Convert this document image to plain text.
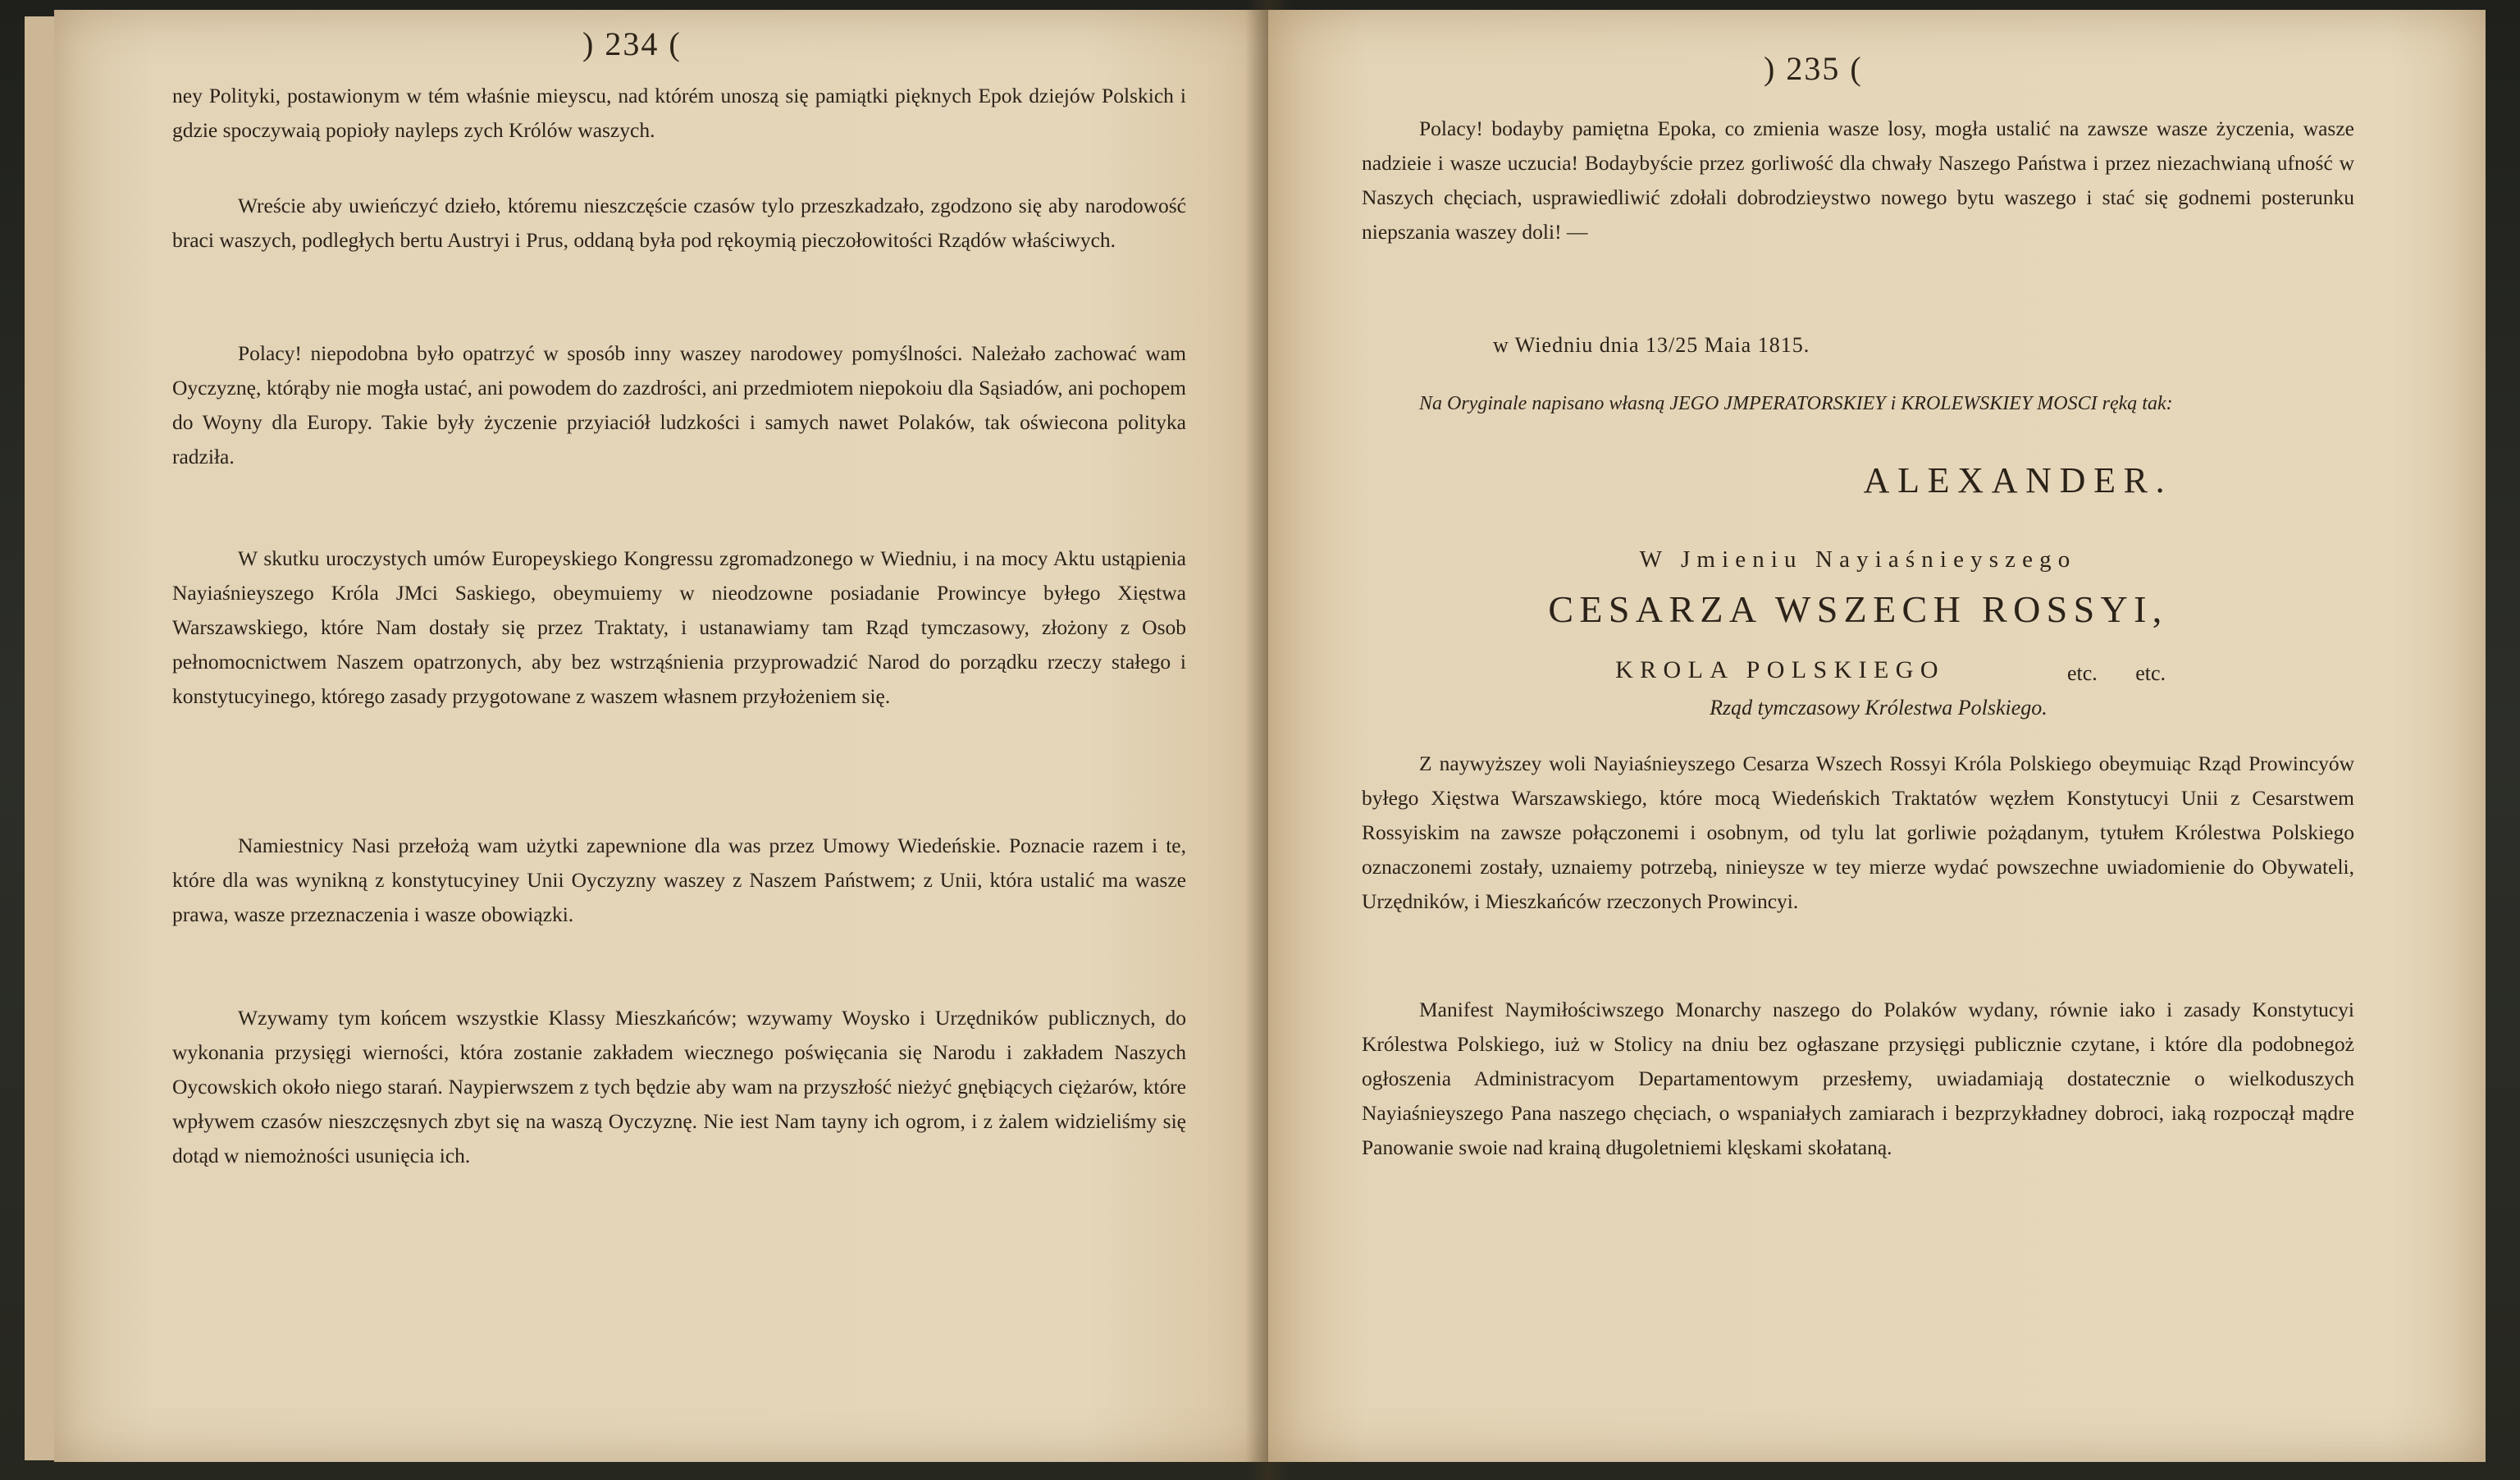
) 234 (
ney Polityki, postawionym w tém właśnie mieyscu, nad którém unoszą się pamiątki pięknych Epok dziejów Polskich i gdzie spoczywaią popioły nayleps zych Królów waszych.
Wreście aby uwieńczyć dzieło, któremu nieszczęście czasów tylo przeszkadzało, zgodzono się aby narodowość braci waszych, podległych bertu Austryi i Prus, oddaną była pod rękoymią pieczołowitości Rządów właściwych.
Polacy! niepodobna było opatrzyć w sposób inny waszey narodowey pomyślności. Należało zachować wam Oyczyznę, którąby nie mogła ustać, ani powodem do zazdrości, ani przedmiotem niepokoiu dla Sąsiadów, ani pochopem do Woyny dla Europy. Takie były życzenie przyiaciół ludzkości i samych nawet Polaków, tak oświecona polityka radziła.
W skutku uroczystych umów Europeyskiego Kongressu zgromadzonego w Wiedniu, i na mocy Aktu ustąpienia Nayiaśnieyszego Króla JMci Saskiego, obeymuiemy w nieodzowne posiadanie Prowincye byłego Xięstwa Warszawskiego, które Nam dostały się przez Traktaty, i ustanawiamy tam Rząd tymczasowy, złożony z Osob pełnomocnictwem Naszem opatrzonych, aby bez wstrząśnienia przyprowadzić Narod do porządku rzeczy stałego i konstytucyinego, którego zasady przygotowane z waszem własnem przyłożeniem się.
Namiestnicy Nasi przełożą wam użytki zapewnione dla was przez Umowy Wiedeńskie. Poznacie razem i te, które dla was wynikną z konstytucyiney Unii Oyczyzny waszey z Naszem Państwem; z Unii, która ustalić ma wasze prawa, wasze przeznaczenia i wasze obowiązki.
Wzywamy tym końcem wszystkie Klassy Mieszkańców; wzywamy Woysko i Urzędników publicznych, do wykonania przysięgi wierności, która zostanie zakładem wiecznego poświęcania się Narodu i zakładem Naszych Oycowskich około niego starań. Naypierwszem z tych będzie aby wam na przyszłość nieżyć gnębiących ciężarów, które wpływem czasów nieszczęsnych zbyt się na waszą Oyczyznę. Nie iest Nam tayny ich ogrom, i z żalem widzieliśmy się dotąd w niemożności usunięcia ich.
) 235 (
Polacy! bodayby pamiętna Epoka, co zmienia wasze losy, mogła ustalić na zawsze wasze życzenia, wasze nadzieie i wasze uczucia! Bodaybyście przez gorliwość dla chwały Naszego Państwa i przez niezachwianą ufność w Naszych chęciach, usprawiedliwić zdołali dobrodzieystwo nowego bytu waszego i stać się godnemi posterunku niepszania waszey doli! —
w Wiedniu dnia 13/25 Maia 1815.
Na Oryginale napisano własną JEGO JMPERATORSKIEY i KROLEWSKIEY MOSCI ręką tak:
ALEXANDER.
W Jmieniu Nayiaśnieyszego
CESARZA WSZECH ROSSYI,
KROLA POLSKIEGO	etc. etc.
Rząd tymczasowy Królestwa Polskiego.
Z naywyższey woli Nayiaśnieyszego Cesarza Wszech Rossyi Króla Polskiego obeymuiąc Rząd Prowincyów byłego Xięstwa Warszawskiego, które mocą Wiedeńskich Traktatów węzłem Konstytucyi Unii z Cesarstwem Rossyiskim na zawsze połączonemi i osobnym, od tylu lat gorliwie pożądanym, tytułem Królestwa Polskiego oznaczonemi zostały, uznaiemy potrzebą, ninieysze w tey mierze wydać powszechne uwiadomienie do Obywateli, Urzędników, i Mieszkańców rzeczonych Prowincyi.
Manifest Naymiłościwszego Monarchy naszego do Polaków wydany, równie iako i zasady Konstytucyi Królestwa Polskiego, iuż w Stolicy na dniu bez ogłaszane przysięgi publicznie czytane, i które dla podobnegoż ogłoszenia Administracyom Departamentowym przesłemy, uwiadamiają dostatecznie o wielkoduszych Nayiaśnieyszego Pana naszego chęciach, o wspaniałych zamiarach i bezprzykładney dobroci, iaką rozpoczął mądre Panowanie swoie nad krainą długoletniemi klęskami skołataną.
